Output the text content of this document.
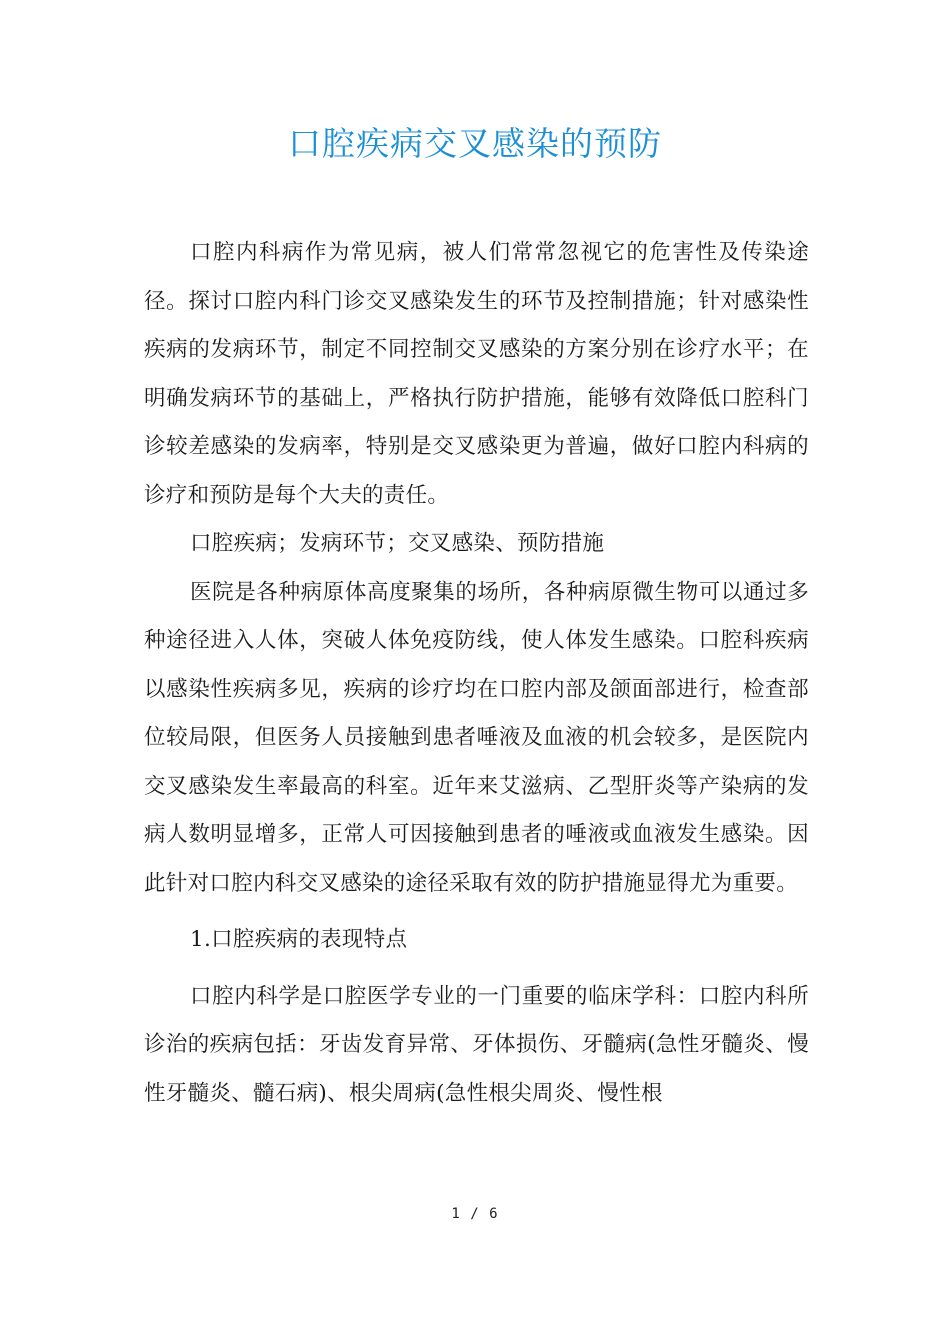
口腔疾病交叉感染的预防

口腔内科病作为常见病，被人们常常忽视它的危害性及传染途径。探讨口腔内科门诊交叉感染发生的环节及控制措施；针对感染性疾病的发病环节，制定不同控制交叉感染的方案分别在诊疗水平；在明确发病环节的基础上，严格执行防护措施，能够有效降低口腔科门诊较差感染的发病率，特别是交叉感染更为普遍，做好口腔内科病的诊疗和预防是每个大夫的责任。

口腔疾病；发病环节；交叉感染、预防措施

医院是各种病原体高度聚集的场所，各种病原微生物可以通过多种途径进入人体，突破人体免疫防线，使人体发生感染。口腔科疾病以感染性疾病多见，疾病的诊疗均在口腔内部及颌面部进行，检查部位较局限，但医务人员接触到患者唾液及血液的机会较多，是医院内交叉感染发生率最高的科室。近年来艾滋病、乙型肝炎等产染病的发病人数明显增多，正常人可因接触到患者的唾液或血液发生感染。因此针对口腔内科交叉感染的途径采取有效的防护措施显得尤为重要。

1.口腔疾病的表现特点

口腔内科学是口腔医学专业的一门重要的临床学科：口腔内科所诊治的疾病包括：牙齿发育异常、牙体损伤、牙髓病(急性牙髓炎、慢性牙髓炎、髓石病)、根尖周病(急性根尖周炎、慢性根

1 / 6
